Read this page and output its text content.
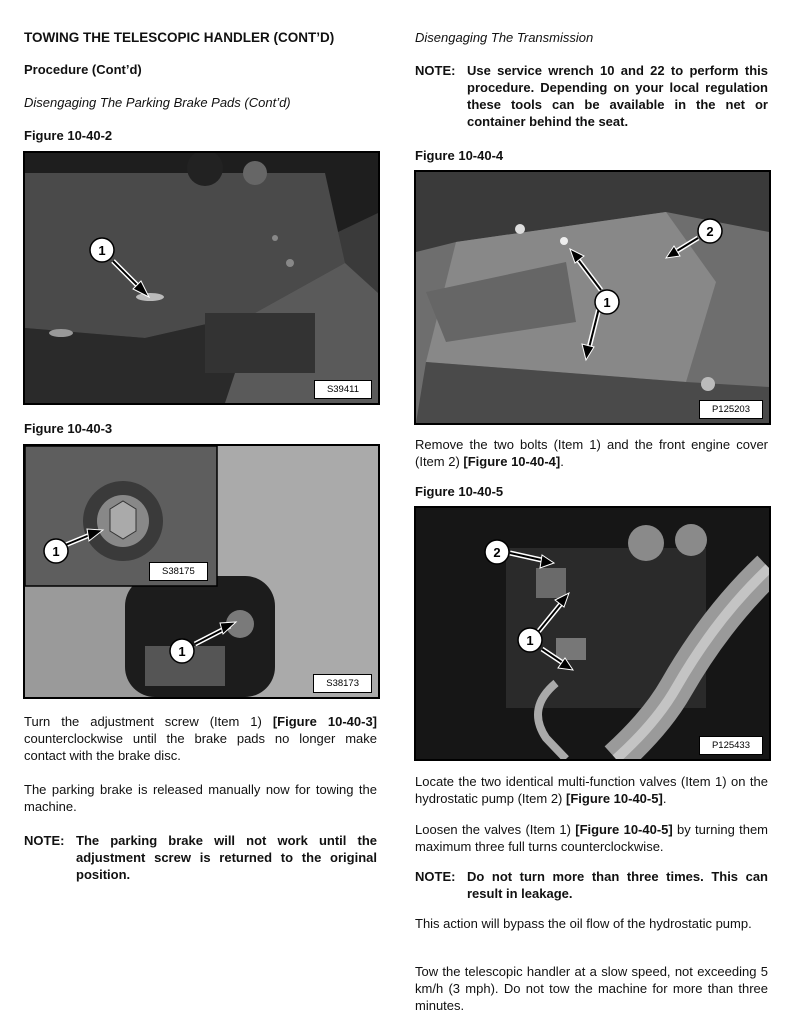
TOWING THE TELESCOPIC HANDLER (CONT’D)
Procedure (Cont’d)
Disengaging The Parking Brake Pads (Cont’d)
Figure 10-40-2
1
S39411
Figure 10-40-3
1
1
S38175
S38173
Turn the adjustment screw (Item 1) [Figure 10-40-3] counterclockwise until the brake pads no longer make contact with the brake disc.
The parking brake is released manually now for towing the machine.
NOTE: The parking brake will not work until the adjustment screw is returned to the original position.
Disengaging The Transmission
NOTE: Use service wrench 10 and 22 to perform this procedure. Depending on your local regulation these tools can be available in the net or container behind the seat.
Figure 10-40-4
1
2
P125203
Remove the two bolts (Item 1) and the front engine cover (Item 2) [Figure 10-40-4].
Figure 10-40-5
2
1
P125433
Locate the two identical multi-function valves (Item 1) on the hydrostatic pump (Item 2) [Figure 10-40-5].
Loosen the valves (Item 1) [Figure 10-40-5] by turning them maximum three full turns counterclockwise.
NOTE: Do not turn more than three times. This can result in leakage.
This action will bypass the oil flow of the hydrostatic pump.
Tow the telescopic handler at a slow speed, not exceeding 5 km/h (3 mph). Do not tow the machine for more than three minutes.
